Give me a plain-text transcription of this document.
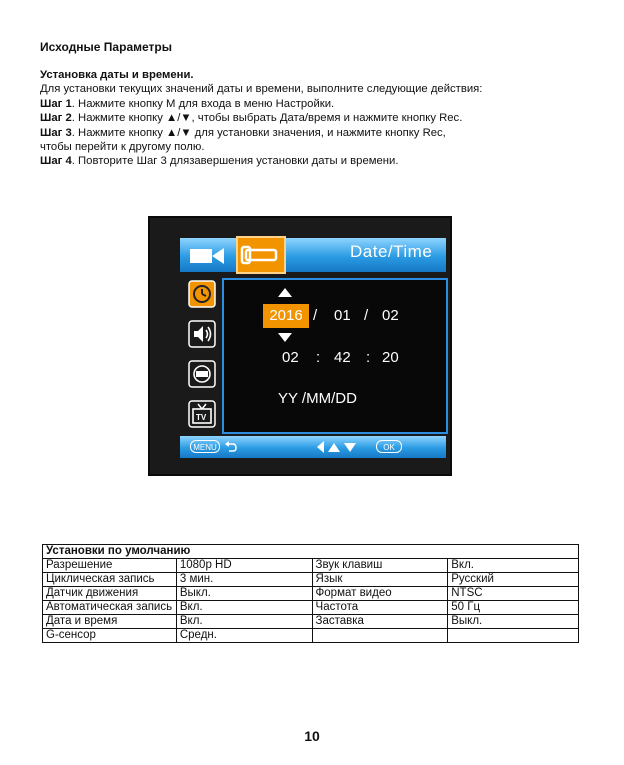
Исходные Параметры
Установка даты и времени.
Для установки текущих значений даты и времени, выполните следующие действия:
Шаг 1. Нажмите кнопку M для входа в меню Настройки.
Шаг 2. Нажмите кнопку ▲/▼, чтобы выбрать Дата/время и нажмите кнопку Rec.
Шаг 3. Нажмите кнопку ▲/▼ для установки значения, и нажмите кнопку Rec,
чтобы перейти к другому полю.
Шаг 4. Повторите Шаг 3 длязавершения установки даты и времени.
Date/Time
TV
2016 / 01 / 02
02 : 42 : 20
YY /MM/DD
MENU	OK
Установки по умолчанию			
Разрешение	1080p HD	Звук клавиш	Вкл.
Циклическая запись	3 мин.	Язык	Русский
Датчик движения	Выкл.	Формат видео	NTSC
Автоматическая запись	Вкл.	Частота	50 Гц
Дата и время	Вкл.	Заставка	Выкл.
G-сенсор	Средн.		
10
